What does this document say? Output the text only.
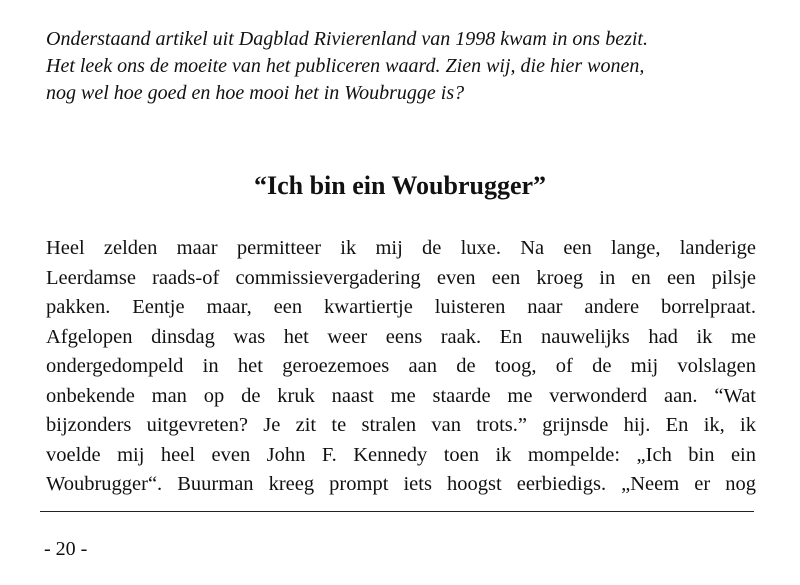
Onderstaand artikel uit Dagblad Rivierenland van 1998 kwam in ons bezit.
Het leek ons de moeite van het publiceren waard. Zien wij, die hier wonen,
nog wel hoe goed en hoe mooi het in Woubrugge is?
“Ich bin ein Woubrugger”
Heel zelden maar permitteer ik mij de luxe. Na een lange, landerige
Leerdamse raads-of commissievergadering even een kroeg in en een pilsje
pakken. Eentje maar, een kwartiertje luisteren naar andere borrelpraat.
Afgelopen dinsdag was het weer eens raak. En nauwelijks had ik me
ondergedompeld in het geroezemoes aan de toog, of de mij volslagen
onbekende man op de kruk naast me staarde me verwonderd aan. “Wat
bijzonders uitgevreten? Je zit te stralen van trots.” grijnsde hij. En ik, ik
voelde mij heel even John F. Kennedy toen ik mompelde: „Ich bin ein
Woubrugger“. Buurman kreeg prompt iets hoogst eerbiedigs. „Neem er nog
- 20 -
